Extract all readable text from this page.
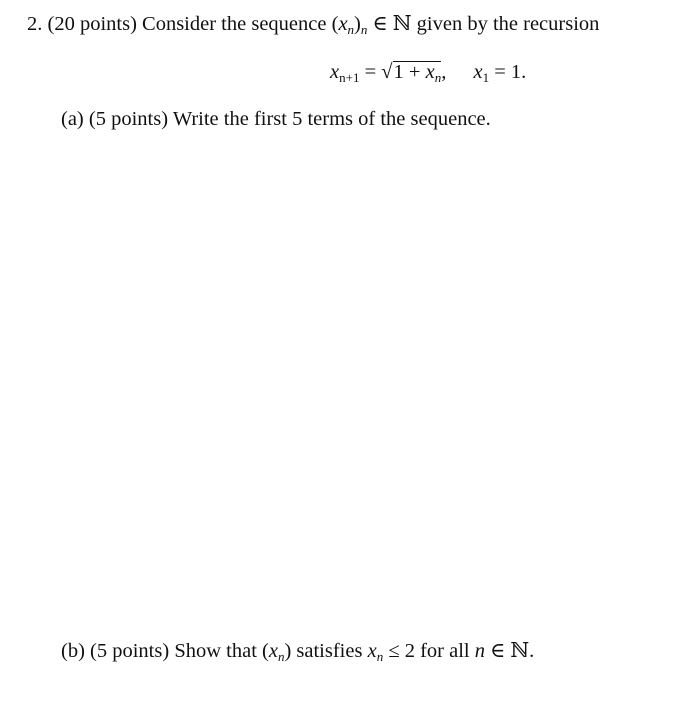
2. (20 points) Consider the sequence $(x_n)_n$ ∈ ℕ given by the recursion
$x_{n+1} = √1 + x_n$, $x_1 = 1$.
(a) (5 points) Write the first 5 terms of the sequence.
(b) (5 points) Show that $(x_n)$ satisfies $x_n \le 2$ for all n ∈ ℕ.
